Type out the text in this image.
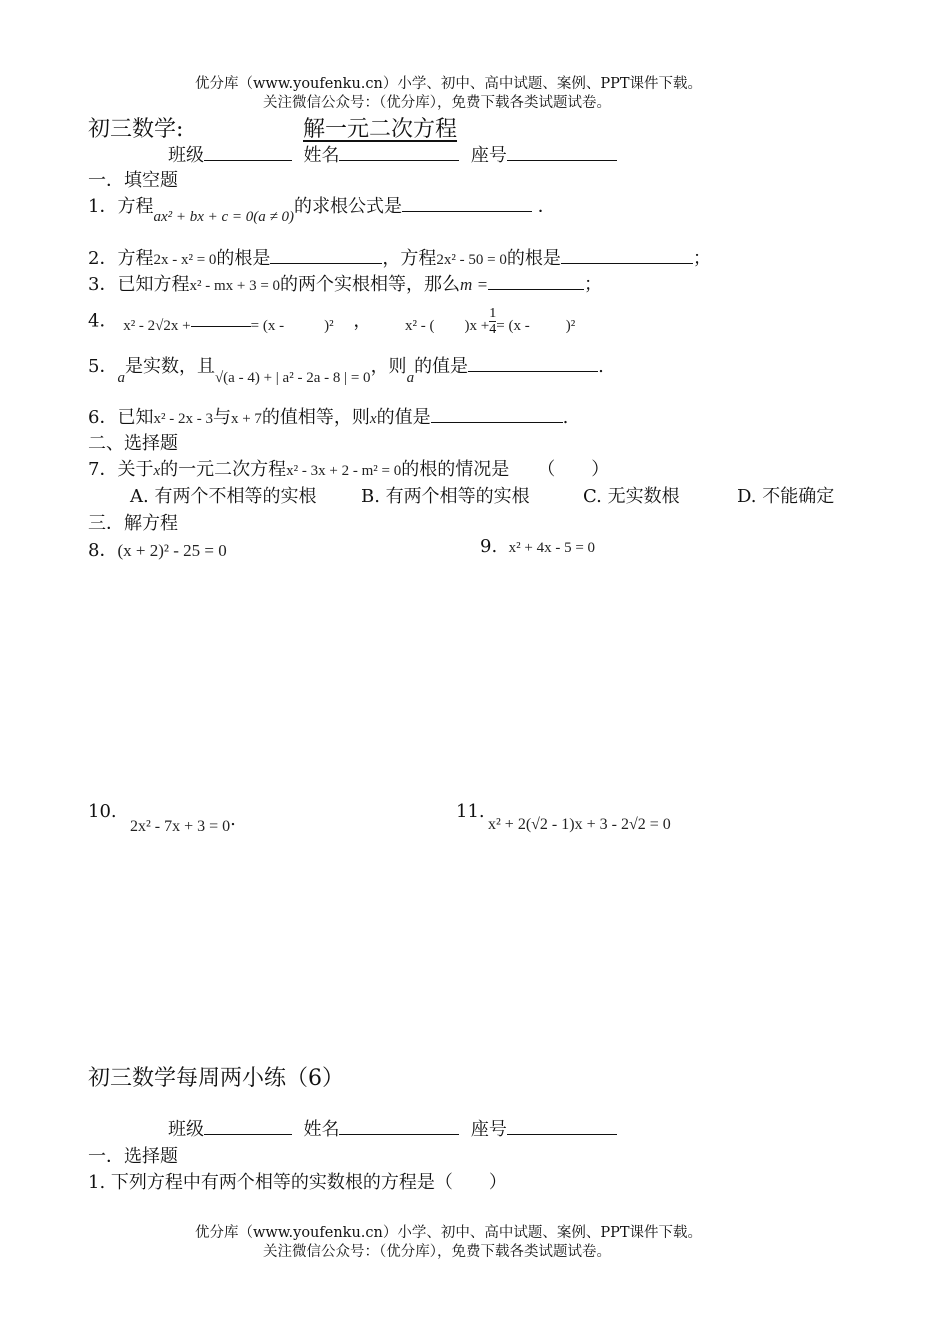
优分库（www.youfenku.cn）小学、初中、高中试题、案例、PPT课件下载。
关注微信公众号：（优分库），免费下载各类试题试卷。
初三数学:	解一元二次方程
班级	姓名	座号
一．填空题
1．方程$_{ax^2 + bx + c = 0(a \ne 0)}$的求根公式是	．
2．方程2x - x² = 0的根是	，方程2x² - 50 = 0的根是	；
3．已知方程x² - mx + 3 = 0的两个实根相等，那么m =	；
4． x² - 2√2x +	= (x -	)² ， x² - ( )$x + \frac{1}{4} = (x - )^2$
5．$_a$是实数，且$_{√(a - 4) + | a^2 - 2a - 8 | = 0}$，则$_a$的值是	.
6．已知x² - 2x - 3与x + 7的值相等，则x的值是	.
二、选择题
7．关于x的一元二次方程x² - 3x + 2 - m² = 0的根的情况是 （　　）
A. 有两个不相等的实根 B. 有两个相等的实根	C. 无实数根	D. 不能确定
三．解方程
8．(x + 2)² - 25 = 0	9. x² + 4x - 5 = 0
10.
2x² - 7x + 3 = 0.	11.
x² + 2(√2 - 1)x + 3 - 2√2 = 0
初三数学每周两小练（6）
班级	姓名	座号
一．选择题
1. 下列方程中有两个相等的实数根的方程是（　　）
优分库（www.youfenku.cn）小学、初中、高中试题、案例、PPT课件下载。
关注微信公众号：（优分库），免费下载各类试题试卷。
